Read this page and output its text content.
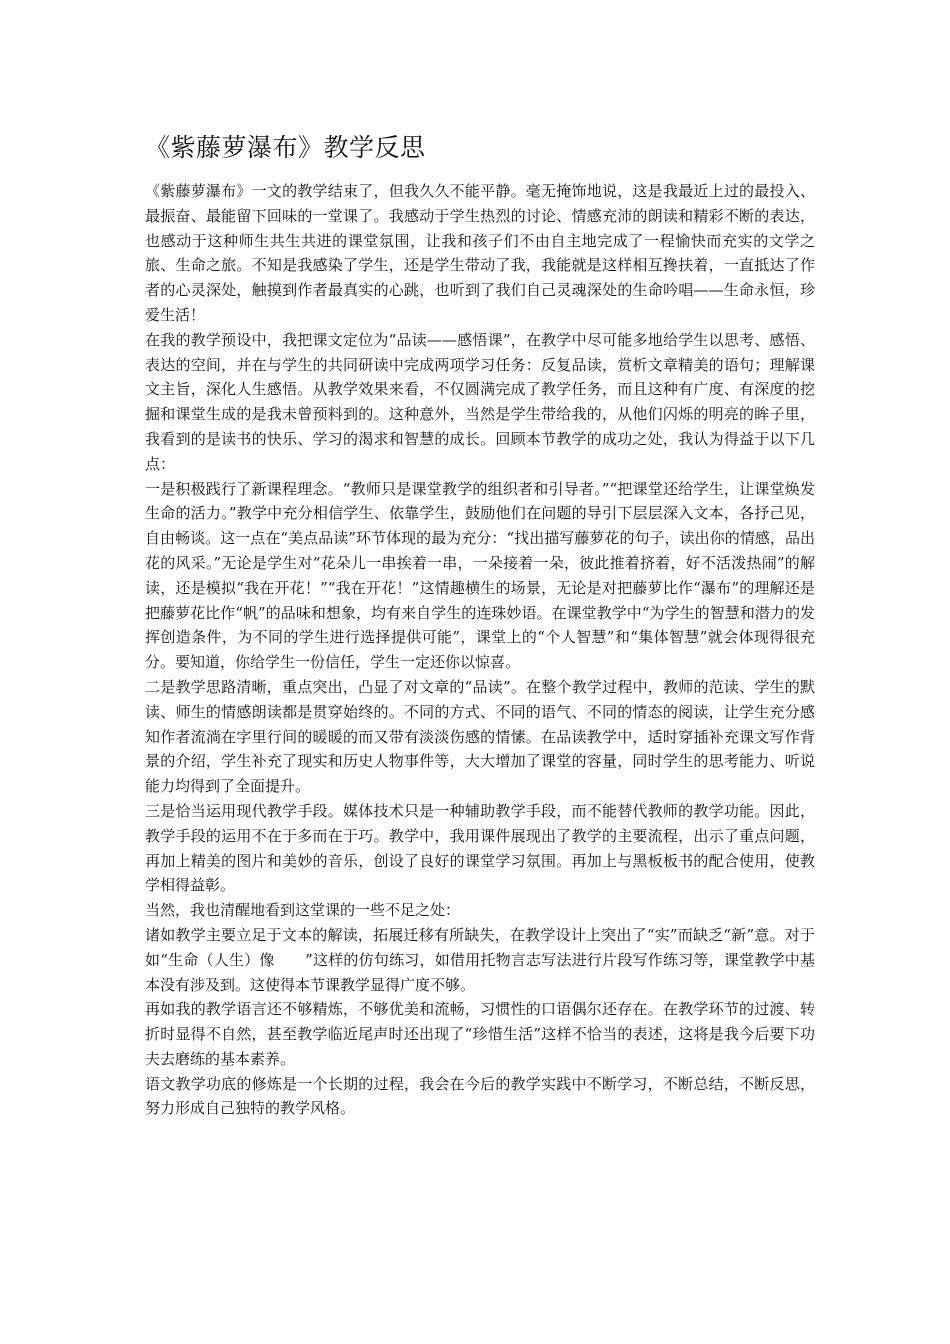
《紫藤萝瀑布》教学反思

《紫藤萝瀑布》一文的教学结束了，但我久久不能平静。毫无掩饰地说，这是我最近上过的最投入、最振奋、最能留下回味的一堂课了。我感动于学生热烈的讨论、情感充沛的朗读和精彩不断的表达，也感动于这种师生共生共进的课堂氛围，让我和孩子们不由自主地完成了一程愉快而充实的文学之旅、生命之旅。不知是我感染了学生，还是学生带动了我，我能就是这样相互搀扶着，一直抵达了作者的心灵深处，触摸到作者最真实的心跳，也听到了我们自己灵魂深处的生命吟唱——生命永恒，珍爱生活！

在我的教学预设中，我把课文定位为“品读——感悟课”，在教学中尽可能多地给学生以思考、感悟、表达的空间，并在与学生的共同研读中完成两项学习任务：反复品读，赏析文章精美的语句；理解课文主旨，深化人生感悟。从教学效果来看，不仅圆满完成了教学任务，而且这种有广度、有深度的挖掘和课堂生成的是我未曾预料到的。这种意外，当然是学生带给我的，从他们闪烁的明亮的眸子里，我看到的是读书的快乐、学习的渴求和智慧的成长。回顾本节教学的成功之处，我认为得益于以下几点：

一是积极践行了新课程理念。“教师只是课堂教学的组织者和引导者。”“把课堂还给学生，让课堂焕发生命的活力。”教学中充分相信学生、依靠学生，鼓励他们在问题的导引下层层深入文本，各抒己见，自由畅谈。这一点在“美点品读”环节体现的最为充分：“找出描写藤萝花的句子，读出你的情感，品出花的风采。”无论是学生对“花朵儿一串挨着一串，一朵接着一朵，彼此推着挤着，好不活泼热闹”的解读，还是模拟“我在开花！”“我在开花！”这情趣横生的场景，无论是对把藤萝比作“瀑布”的理解还是把藤萝花比作“帆”的品味和想象，均有来自学生的连珠妙语。在课堂教学中“为学生的智慧和潜力的发挥创造条件，为不同的学生进行选择提供可能”，课堂上的“个人智慧”和“集体智慧”就会体现得很充分。要知道，你给学生一份信任，学生一定还你以惊喜。

二是教学思路清晰，重点突出，凸显了对文章的“品读”。在整个教学过程中，教师的范读、学生的默读、师生的情感朗读都是贯穿始终的。不同的方式、不同的语气、不同的情态的阅读，让学生充分感知作者流淌在字里行间的暖暖的而又带有淡淡伤感的情愫。在品读教学中，适时穿插补充课文写作背景的介绍，学生补充了现实和历史人物事件等，大大增加了课堂的容量，同时学生的思考能力、听说能力均得到了全面提升。

三是恰当运用现代教学手段。媒体技术只是一种辅助教学手段，而不能替代教师的教学功能。因此，教学手段的运用不在于多而在于巧。教学中，我用课件展现出了教学的主要流程，出示了重点问题，再加上精美的图片和美妙的音乐，创设了良好的课堂学习氛围。再加上与黑板板书的配合使用，使教学相得益彰。

当然，我也清醒地看到这堂课的一些不足之处：

诸如教学主要立足于文本的解读，拓展迁移有所缺失，在教学设计上突出了“实”而缺乏“新”意。对于如“生命（人生）像　　”这样的仿句练习，如借用托物言志写法进行片段写作练习等，课堂教学中基本没有涉及到。这使得本节课教学显得广度不够。

再如我的教学语言还不够精炼，不够优美和流畅，习惯性的口语偶尔还存在。在教学环节的过渡、转折时显得不自然，甚至教学临近尾声时还出现了“珍惜生活”这样不恰当的表述，这将是我今后要下功夫去磨练的基本素养。

语文教学功底的修炼是一个长期的过程，我会在今后的教学实践中不断学习，不断总结，不断反思，努力形成自己独特的教学风格。
